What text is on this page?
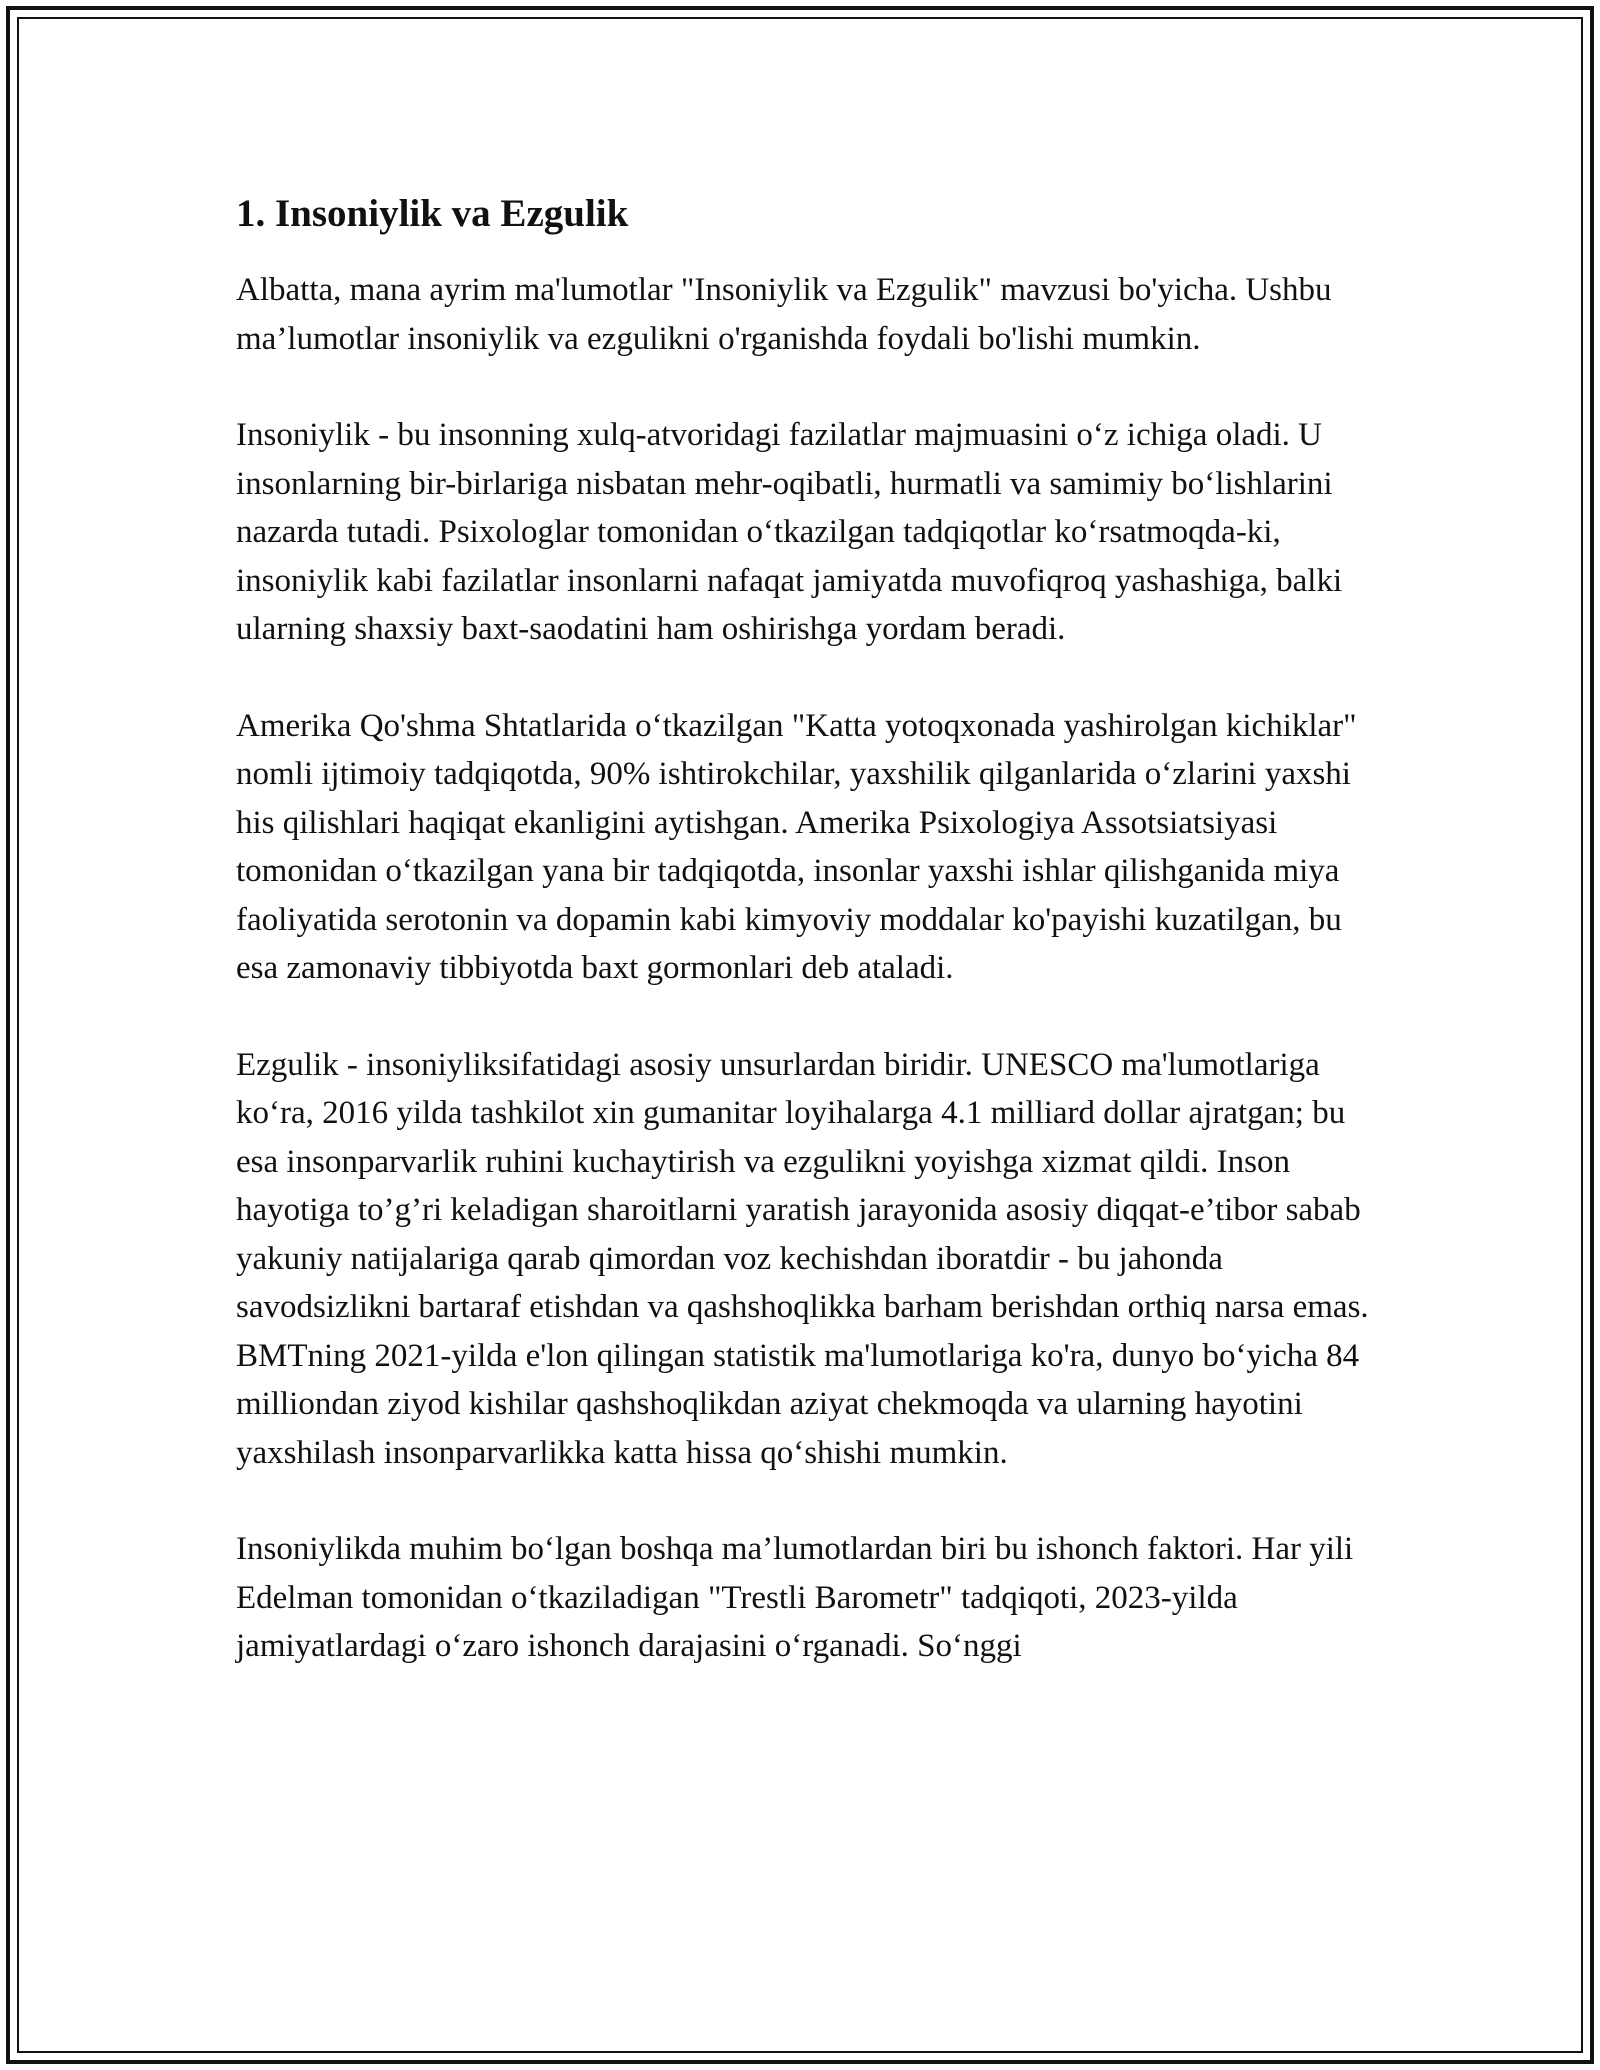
1. Insoniylik va Ezgulik

Albatta, mana ayrim ma'lumotlar "Insoniylik va Ezgulik" mavzusi bo'yicha. Ushbu ma’lumotlar insoniylik va ezgulikni o'rganishda foydali bo'lishi mumkin.

Insoniylik - bu insonning xulq-atvoridagi fazilatlar majmuasini o‘z ichiga oladi. U insonlarning bir-birlariga nisbatan mehr-oqibatli, hurmatli va samimiy bo‘lishlarini nazarda tutadi. Psixologlar tomonidan o‘tkazilgan tadqiqotlar ko‘rsatmoqda-ki, insoniylik kabi fazilatlar insonlarni nafaqat jamiyatda muvofiqroq yashashiga, balki ularning shaxsiy baxt-saodatini ham oshirishga yordam beradi.

Amerika Qo'shma Shtatlarida o‘tkazilgan "Katta yotoqxonada yashirolgan kichiklar" nomli ijtimoiy tadqiqotda, 90% ishtirokchilar, yaxshilik qilganlarida o‘zlarini yaxshi his qilishlari haqiqat ekanligini aytishgan. Amerika Psixologiya Assotsiatsiyasi tomonidan o‘tkazilgan yana bir tadqiqotda, insonlar yaxshi ishlar qilishganida miya faoliyatida serotonin va dopamin kabi kimyoviy moddalar ko'payishi kuzatilgan, bu esa zamonaviy tibbiyotda baxt gormonlari deb ataladi.

Ezgulik - insoniyliksifatidagi asosiy unsurlardan biridir. UNESCO ma'lumotlariga ko‘ra, 2016 yilda tashkilot xin gumanitar loyihalarga 4.1 milliard dollar ajratgan; bu esa insonparvarlik ruhini kuchaytirish va ezgulikni yoyishga xizmat qildi. Inson hayotiga to’g’ri keladigan sharoitlarni yaratish jarayonida asosiy diqqat-e’tibor sabab yakuniy natijalariga qarab qimordan voz kechishdan iboratdir - bu jahonda savodsizlikni bartaraf etishdan va qashshoqlikka barham berishdan orthiq narsa emas. BMTning 2021-yilda e'lon qilingan statistik ma'lumotlariga ko'ra, dunyo bo‘yicha 84 milliondan ziyod kishilar qashshoqlikdan aziyat chekmoqda va ularning hayotini yaxshilash insonparvarlikka katta hissa qo‘shishi mumkin.

Insoniylikda muhim bo‘lgan boshqa ma’lumotlardan biri bu ishonch faktori. Har yili Edelman tomonidan o‘tkaziladigan "Trestli Barometr" tadqiqoti, 2023-yilda jamiyatlardagi o‘zaro ishonch darajasini o‘rganadi. So‘nggi
